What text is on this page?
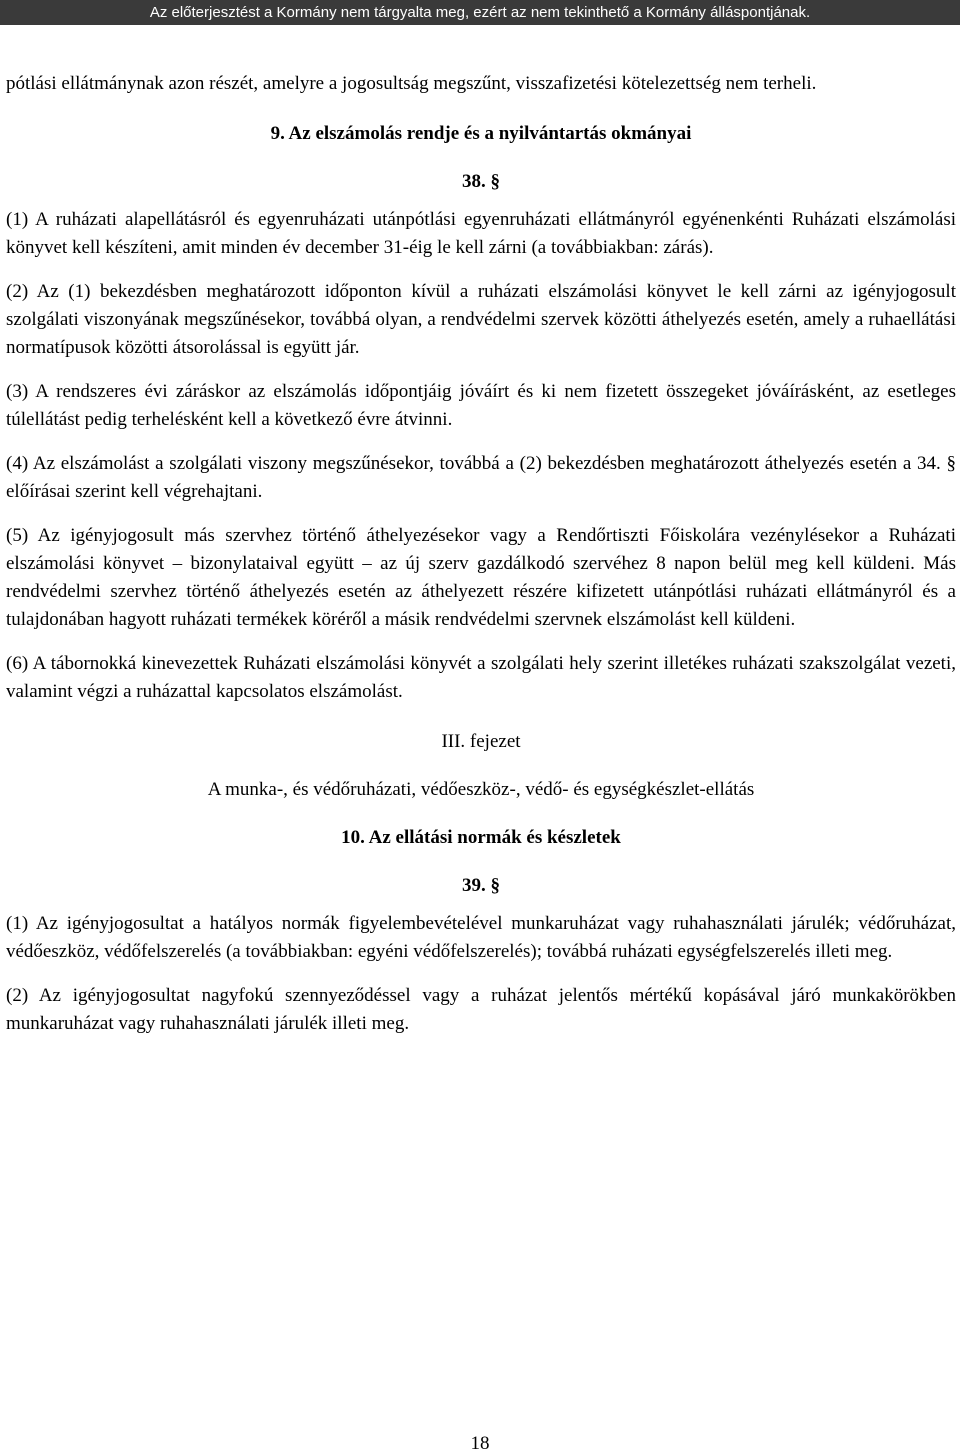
Az előterjesztést a Kormány nem tárgyalta meg, ezért az nem tekinthető a Kormány álláspontjának.

pótlási ellátmánynak azon részét, amelyre a jogosultság megszűnt, visszafizetési kötelezettség nem terheli.

9. Az elszámolás rendje és a nyilvántartás okmányai

38. §

(1) A ruházati alapellátásról és egyenruházati utánpótlási egyenruházati ellátmányról egyénenkénti Ruházati elszámolási könyvet kell készíteni, amit minden év december 31-éig le kell zárni (a továbbiakban: zárás).

(2) Az (1) bekezdésben meghatározott időponton kívül a ruházati elszámolási könyvet le kell zárni az igényjogosult szolgálati viszonyának megszűnésekor, továbbá olyan, a rendvédelmi szervek közötti áthelyezés esetén, amely a ruhaellátási normatípusok közötti átsorolással is együtt jár.

(3) A rendszeres évi záráskor az elszámolás időpontjáig jóváírt és ki nem fizetett összegeket jóváírásként, az esetleges túlellátást pedig terhelésként kell a következő évre átvinni.

(4) Az elszámolást a szolgálati viszony megszűnésekor, továbbá a (2) bekezdésben meghatározott áthelyezés esetén a 34. § előírásai szerint kell végrehajtani.

(5) Az igényjogosult más szervhez történő áthelyezésekor vagy a Rendőrtiszti Főiskolára vezénylésekor a Ruházati elszámolási könyvet – bizonylataival együtt – az új szerv gazdálkodó szervéhez 8 napon belül meg kell küldeni. Más rendvédelmi szervhez történő áthelyezés esetén az áthelyezett részére kifizetett utánpótlási ruházati ellátmányról és a tulajdonában hagyott ruházati termékek köréről a másik rendvédelmi szervnek elszámolást kell küldeni.

(6) A tábornokká kinevezettek Ruházati elszámolási könyvét a szolgálati hely szerint illetékes ruházati szakszolgálat vezeti, valamint végzi a ruházattal kapcsolatos elszámolást.

III. fejezet

A munka-, és védőruházati, védőeszköz-, védő- és egységkészlet-ellátás

10. Az ellátási normák és készletek

39. §

(1) Az igényjogosultat a hatályos normák figyelembevételével munkaruházat vagy ruhahasználati járulék; védőruházat, védőeszköz, védőfelszerelés (a továbbiakban: egyéni védőfelszerelés); továbbá ruházati egységfelszerelés illeti meg.

(2) Az igényjogosultat nagyfokú szennyeződéssel vagy a ruházat jelentős mértékű kopásával járó munkakörökben munkaruházat vagy ruhahasználati járulék illeti meg.

18
